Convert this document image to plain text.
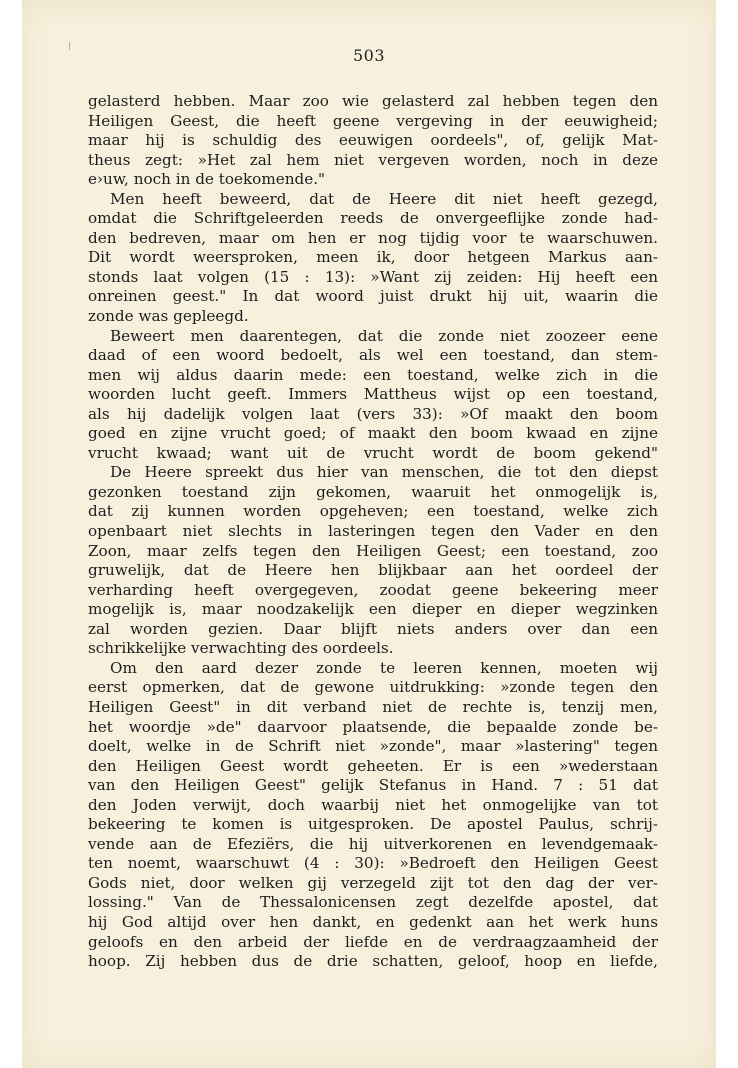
503
gelasterd hebben. Maar zoo wie gelasterd zal hebben tegen den
Heiligen Geest, die heeft geene vergeving in der eeuwigheid;
maar hij is schuldig des eeuwigen oordeels", of, gelijk Mat-
theus zegt: »Het zal hem niet vergeven worden, noch in deze
e›uw, noch in de toekomende."
Men heeft beweerd, dat de Heere dit niet heeft gezegd,
omdat die Schriftgeleerden reeds de onvergeeflijke zonde had-
den bedreven, maar om hen er nog tijdig voor te waarschuwen.
Dit wordt weersproken, meen ik, door hetgeen Markus aan-
stonds laat volgen (15 : 13): »Want zij zeiden: Hij heeft een
onreinen geest." In dat woord juist drukt hij uit, waarin die
zonde was gepleegd.
Beweert men daarentegen, dat die zonde niet zoozeer eene
daad of een woord bedoelt, als wel een toestand, dan stem-
men wij aldus daarin mede: een toestand, welke zich in die
woorden lucht geeft. Immers Mattheus wijst op een toestand,
als hij dadelijk volgen laat (vers 33): »Of maakt den boom
goed en zijne vrucht goed; of maakt den boom kwaad en zijne
vrucht kwaad; want uit de vrucht wordt de boom gekend"
De Heere spreekt dus hier van menschen, die tot den diepst
gezonken toestand zijn gekomen, waaruit het onmogelijk is,
dat zij kunnen worden opgeheven; een toestand, welke zich
openbaart niet slechts in lasteringen tegen den Vader en den
Zoon, maar zelfs tegen den Heiligen Geest; een toestand, zoo
gruwelijk, dat de Heere hen blijkbaar aan het oordeel der
verharding heeft overgegeven, zoodat geene bekeering meer
mogelijk is, maar noodzakelijk een dieper en dieper wegzinken
zal worden gezien. Daar blijft niets anders over dan een
schrikkelijke verwachting des oordeels.
Om den aard dezer zonde te leeren kennen, moeten wij
eerst opmerken, dat de gewone uitdrukking: »zonde tegen den
Heiligen Geest" in dit verband niet de rechte is, tenzij men,
het woordje »de" daarvoor plaatsende, die bepaalde zonde be-
doelt, welke in de Schrift niet »zonde", maar »lastering" tegen
den Heiligen Geest wordt geheeten. Er is een »wederstaan
van den Heiligen Geest" gelijk Stefanus in Hand. 7 : 51 dat
den Joden verwijt, doch waarbij niet het onmogelijke van tot
bekeering te komen is uitgesproken. De apostel Paulus, schrij-
vende aan de Efeziërs, die hij uitverkorenen en levendgemaak-
ten noemt, waarschuwt (4 : 30): »Bedroeft den Heiligen Geest
Gods niet, door welken gij verzegeld zijt tot den dag der ver-
lossing." Van de Thessalonicensen zegt dezelfde apostel, dat
hij God altijd over hen dankt, en gedenkt aan het werk huns
geloofs en den arbeid der liefde en de verdraagzaamheid der
hoop. Zij hebben dus de drie schatten, geloof, hoop en liefde,
